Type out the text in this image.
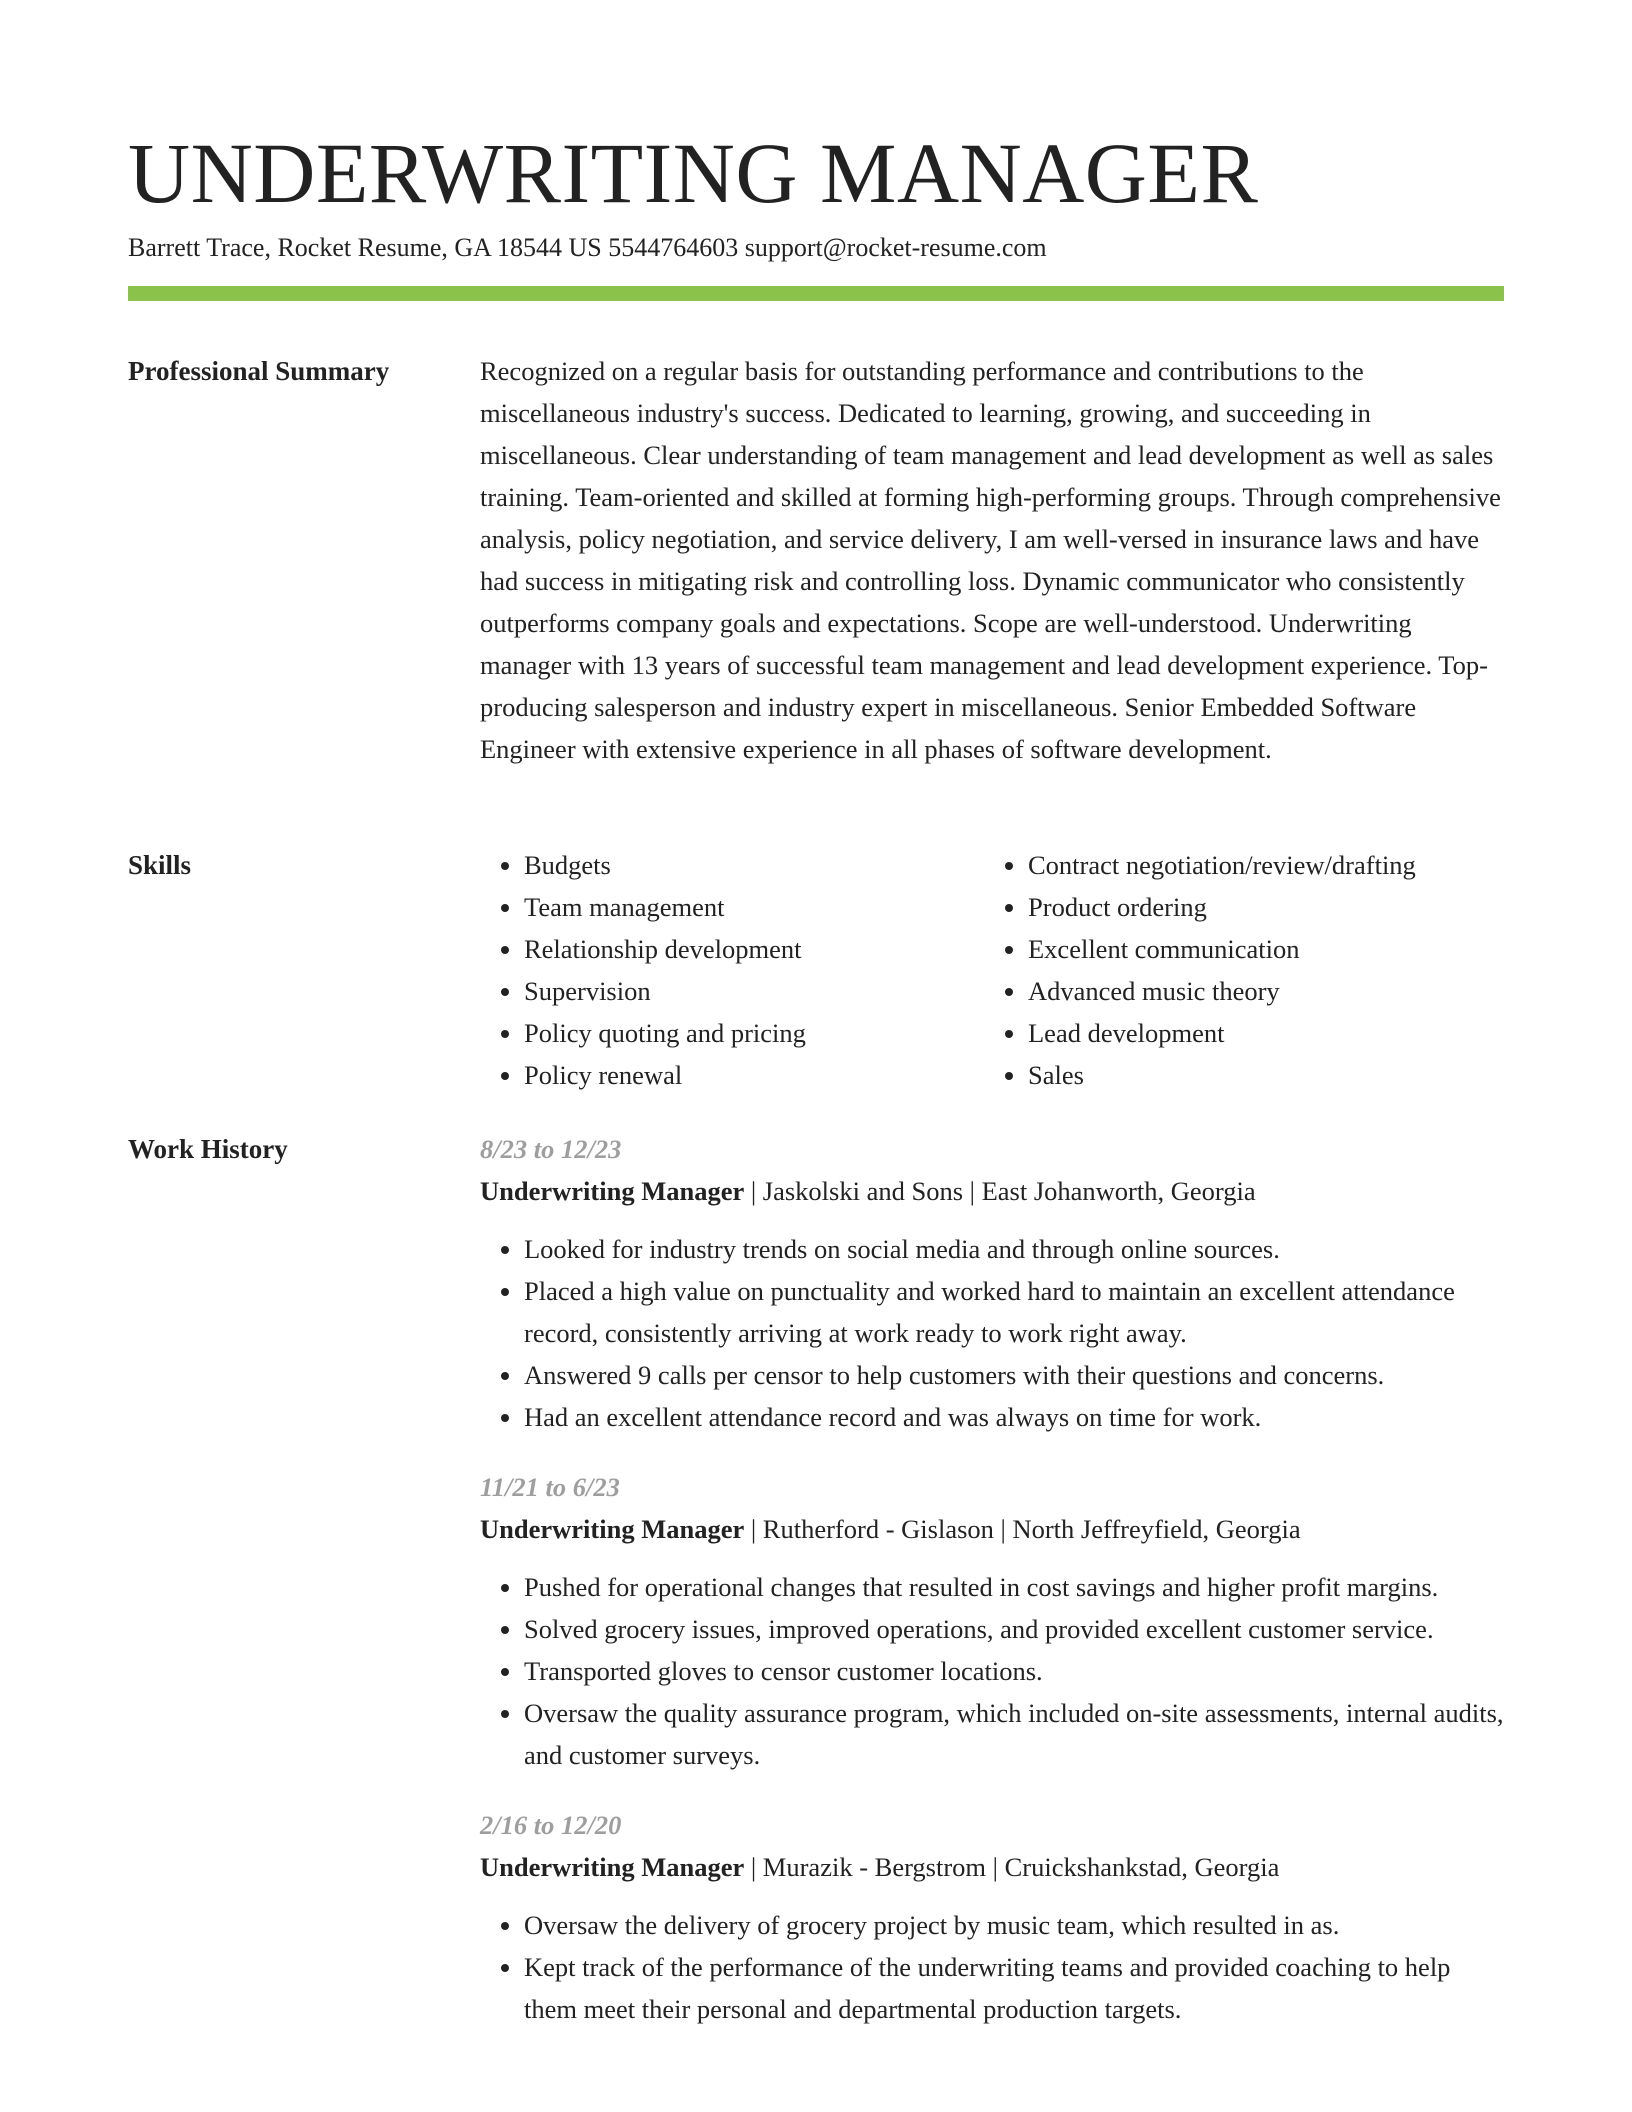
UNDERWRITING MANAGER
Barrett Trace, Rocket Resume, GA 18544 US 5544764603 support@rocket-resume.com
Professional Summary	Recognized on a regular basis for outstanding performance and contributions to the miscellaneous industry's success. Dedicated to learning, growing, and succeeding in miscellaneous. Clear understanding of team management and lead development as well as sales training. Team-oriented and skilled at forming high-performing groups. Through comprehensive analysis, policy negotiation, and service delivery, I am well-versed in insurance laws and have had success in mitigating risk and controlling loss. Dynamic communicator who consistently outperforms company goals and expectations. Scope are well-understood. Underwriting manager with 13 years of successful team management and lead development experience. Top-producing salesperson and industry expert in miscellaneous. Senior Embedded Software Engineer with extensive experience in all phases of software development.

Skills
•	Budgets
• Team management
• Relationship development
• Supervision
• Policy quoting and pricing
• Policy renewal
• Contract negotiation/review/drafting
• Product ordering
• Excellent communication
• Advanced music theory
• Lead development
• Sales
Work History	8/23 to 12/23
Underwriting Manager | Jaskolski and Sons | East Johanworth, Georgia
• Looked for industry trends on social media and through online sources.
• Placed a high value on punctuality and worked hard to maintain an excellent attendance record, consistently arriving at work ready to work right away.
• Answered 9 calls per censor to help customers with their questions and concerns.
• Had an excellent attendance record and was always on time for work.
11/21 to 6/23
Underwriting Manager | Rutherford - Gislason | North Jeffreyfield, Georgia
• Pushed for operational changes that resulted in cost savings and higher profit margins.
• Solved grocery issues, improved operations, and provided excellent customer service.
• Transported gloves to censor customer locations.
• Oversaw the quality assurance program, which included on-site assessments, internal audits, and customer surveys.
2/16 to 12/20
Underwriting Manager | Murazik - Bergstrom | Cruickshankstad, Georgia
• Oversaw the delivery of grocery project by music team, which resulted in as.
• Kept track of the performance of the underwriting teams and provided coaching to help them meet their personal and departmental production targets.
